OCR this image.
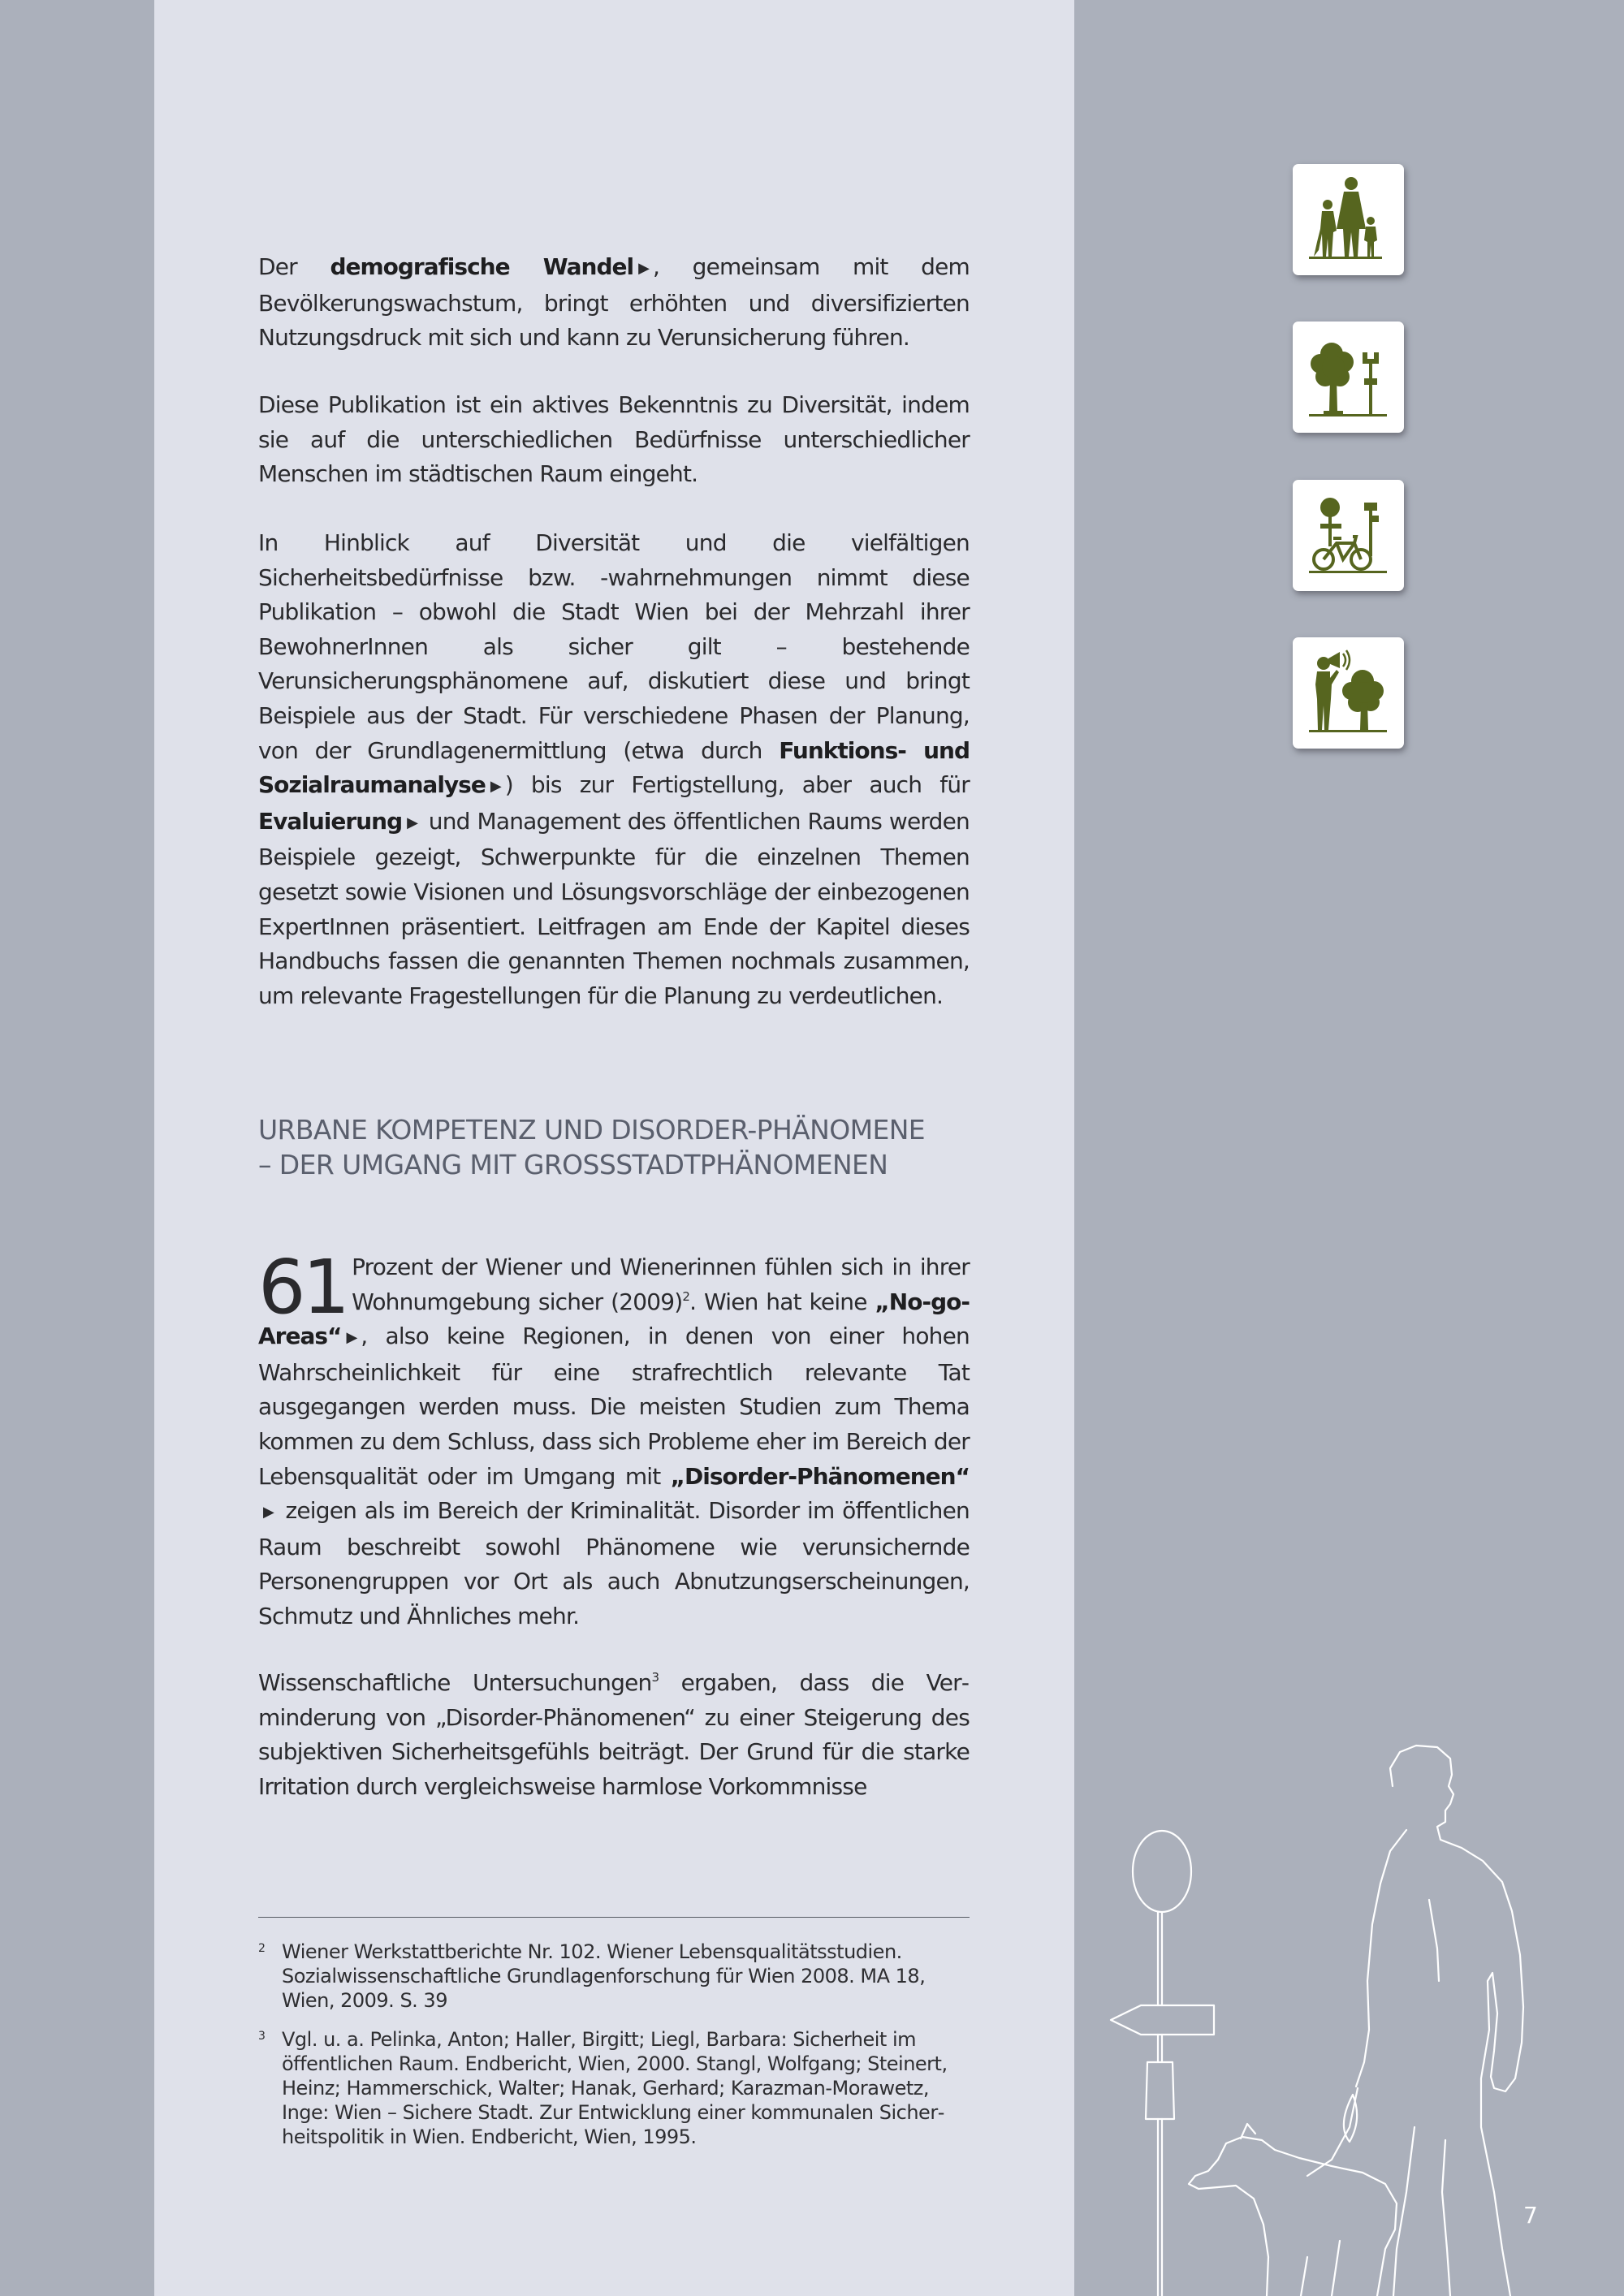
Der demografische Wandel ▶ , gemeinsam mit dem Bevölkerungswachstum, bringt erhöhten und diversifizierten Nutzungsdruck mit sich und kann zu Verunsicherung führen.

Diese Publikation ist ein aktives Bekenntnis zu Diversität, indem sie auf die unterschiedlichen Bedürfnisse unterschiedlicher Menschen im städtischen Raum eingeht.

In Hinblick auf Diversität und die vielfältigen Sicherheitsbedürfnisse bzw. -wahrnehmungen nimmt diese Publikation – obwohl die Stadt Wien bei der Mehrzahl ihrer BewohnerInnen als sicher gilt – bestehende Verunsicherungsphänomene auf, diskutiert diese und bringt Beispiele aus der Stadt. Für verschiedene Phasen der Planung, von der Grundlagenermittlung (etwa durch Funktions- und Sozialraumanalyse ▶ ) bis zur Fertigstellung, aber auch für Evaluierung ▶ und Management des öffentlichen Raums werden Beispiele gezeigt, Schwerpunkte für die einzelnen Themen gesetzt sowie Visionen und Lösungsvorschläge der einbezogenen ExpertInnen präsentiert. Leitfragen am Ende der Kapitel dieses Handbuchs fassen die genannten Themen nochmals zusammen, um relevante Fragestellungen für die Planung zu verdeutlichen.

URBANE KOMPETENZ UND DISORDER-PHÄNOMENE
– DER UMGANG MIT GROSSSTADTPHÄNOMENEN

61 Prozent der Wiener und Wienerinnen fühlen sich in ihrer Wohnumgebung sicher $(2009)^2$. Wien hat keine „No-go-Areas“ ▶ , also keine Regionen, in denen von einer hohen Wahrscheinlichkeit für eine strafrechtlich relevante Tat ausgegangen werden muss. Die meisten Studien zum Thema kommen zu dem Schluss, dass sich Probleme eher im Bereich der Lebensqualität oder im Umgang mit „Disorder-Phänomenen“▶ zeigen als im Bereich der Kriminalität. Disorder im öffentlichen Raum beschreibt sowohl Phänomene wie verunsichernde Personengruppen vor Ort als auch Abnutzungserscheinungen, Schmutz und Ähnliches mehr.

Wissenschaftliche Untersuchungen$^3$ ergaben, dass die Verminderung von „Disorder-Phänomenen“ zu einer Steigerung des subjektiven Sicherheitsgefühls beiträgt. Der Grund für die starke Irritation durch vergleichsweise harmlose Vorkommnisse

2 Wiener Werkstattberichte Nr. 102. Wiener Lebensqualitätsstudien. Sozialwissenschaftliche Grundlagenforschung für Wien 2008. MA 18, Wien, 2009. S. 39

3 Vgl. u. a. Pelinka, Anton; Haller, Birgitt; Liegl, Barbara: Sicherheit im öffentlichen Raum. Endbericht, Wien, 2000. Stangl, Wolfgang; Steinert, Heinz; Hammerschick, Walter; Hanak, Gerhard; Karazman-Morawetz, Inge: Wien – Sichere Stadt. Zur Entwicklung einer kommunalen Sicherheitspolitik in Wien. Endbericht, Wien, 1995.

7
